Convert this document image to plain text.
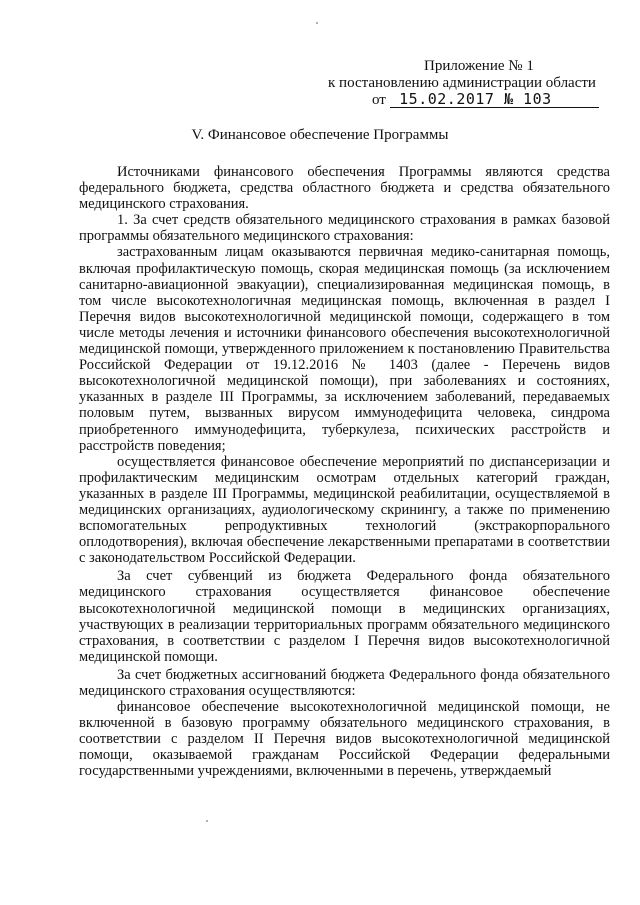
Приложение № 1
к постановлению администрации области
от 15.02.2017 № 103
V. Финансовое обеспечение Программы

Источниками финансового обеспечения Программы являются средства федерального бюджета, средства областного бюджета и средства обязательного медицинского страхования.

1. За счет средств обязательного медицинского страхования в рамках базовой программы обязательного медицинского страхования:

застрахованным лицам оказываются первичная медико-санитарная помощь, включая профилактическую помощь, скорая медицинская помощь (за исключением санитарно-авиационной эвакуации), специализированная медицинская помощь, в том числе высокотехнологичная медицинская помощь, включенная в раздел I Перечня видов высокотехнологичной медицинской помощи, содержащего в том числе методы лечения и источники финансового обеспечения высокотехнологичной медицинской помощи, утвержденного приложением к постановлению Правительства Российской Федерации от 19.12.2016 № 1403 (далее - Перечень видов высокотехнологичной медицинской помощи), при заболеваниях и состояниях, указанных в разделе III Программы, за исключением заболеваний, передаваемых половым путем, вызванных вирусом иммунодефицита человека, синдрома приобретенного иммунодефицита, туберкулеза, психических расстройств и расстройств поведения;

осуществляется финансовое обеспечение мероприятий по диспансеризации и профилактическим медицинским осмотрам отдельных категорий граждан, указанных в разделе III Программы, медицинской реабилитации, осуществляемой в медицинских организациях, аудиологическому скринингу, а также по применению вспомогательных репродуктивных технологий (экстракорпорального оплодотворения), включая обеспечение лекарственными препаратами в соответствии с законодательством Российской Федерации.

За счет субвенций из бюджета Федерального фонда обязательного медицинского страхования осуществляется финансовое обеспечение высокотехнологичной медицинской помощи в медицинских организациях, участвующих в реализации территориальных программ обязательного медицинского страхования, в соответствии с разделом I Перечня видов высокотехнологичной медицинской помощи.

За счет бюджетных ассигнований бюджета Федерального фонда обязательного медицинского страхования осуществляются:

финансовое обеспечение высокотехнологичной медицинской помощи, не включенной в базовую программу обязательного медицинского страхования, в соответствии с разделом II Перечня видов высокотехнологичной медицинской помощи, оказываемой гражданам Российской Федерации федеральными государственными учреждениями, включенными в перечень, утверждаемый
